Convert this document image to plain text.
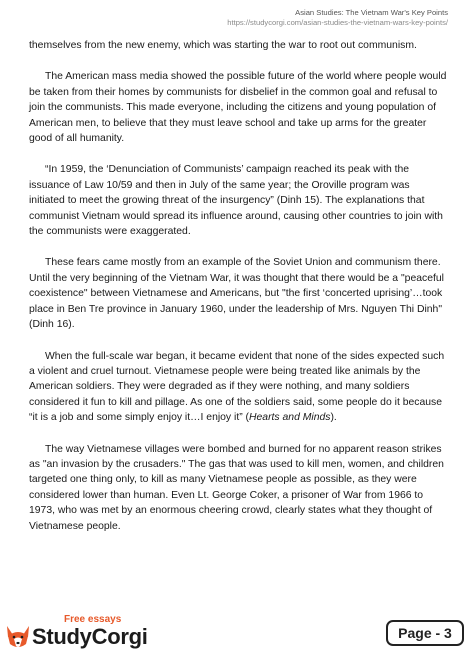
Asian Studies: The Vietnam War's Key Points
https://studycorgi.com/asian-studies-the-vietnam-wars-key-points/

themselves from the new enemy, which was starting the war to root out communism.

The American mass media showed the possible future of the world where people would be taken from their homes by communists for disbelief in the common goal and refusal to join the communists. This made everyone, including the citizens and young population of American men, to believe that they must leave school and take up arms for the greater good of all humanity.

“In 1959, the ‘Denunciation of Communists’ campaign reached its peak with the issuance of Law 10/59 and then in July of the same year; the Oroville program was initiated to meet the growing threat of the insurgency” (Dinh 15). The explanations that communist Vietnam would spread its influence around, causing other countries to join with the communists were exaggerated.

These fears came mostly from an example of the Soviet Union and communism there. Until the very beginning of the Vietnam War, it was thought that there would be a "peaceful coexistence" between Vietnamese and Americans, but "the first ‘concerted uprising’…took place in Ben Tre province in January 1960, under the leadership of Mrs. Nguyen Thi Dinh" (Dinh 16).

When the full-scale war began, it became evident that none of the sides expected such a violent and cruel turnout. Vietnamese people were being treated like animals by the American soldiers. They were degraded as if they were nothing, and many soldiers considered it fun to kill and pillage. As one of the soldiers said, some people do it because “it is a job and some simply enjoy it…I enjoy it” (Hearts and Minds).

The way Vietnamese villages were bombed and burned for no apparent reason strikes as "an invasion by the crusaders." The gas that was used to kill men, women, and children targeted one thing only, to kill as many Vietnamese people as possible, as they were considered lower than human. Even Lt. George Coker, a prisoner of War from 1966 to 1973, who was met by an enormous cheering crowd, clearly states what they thought of Vietnamese people.

Free essays
StudyCorgi	Page - 3
